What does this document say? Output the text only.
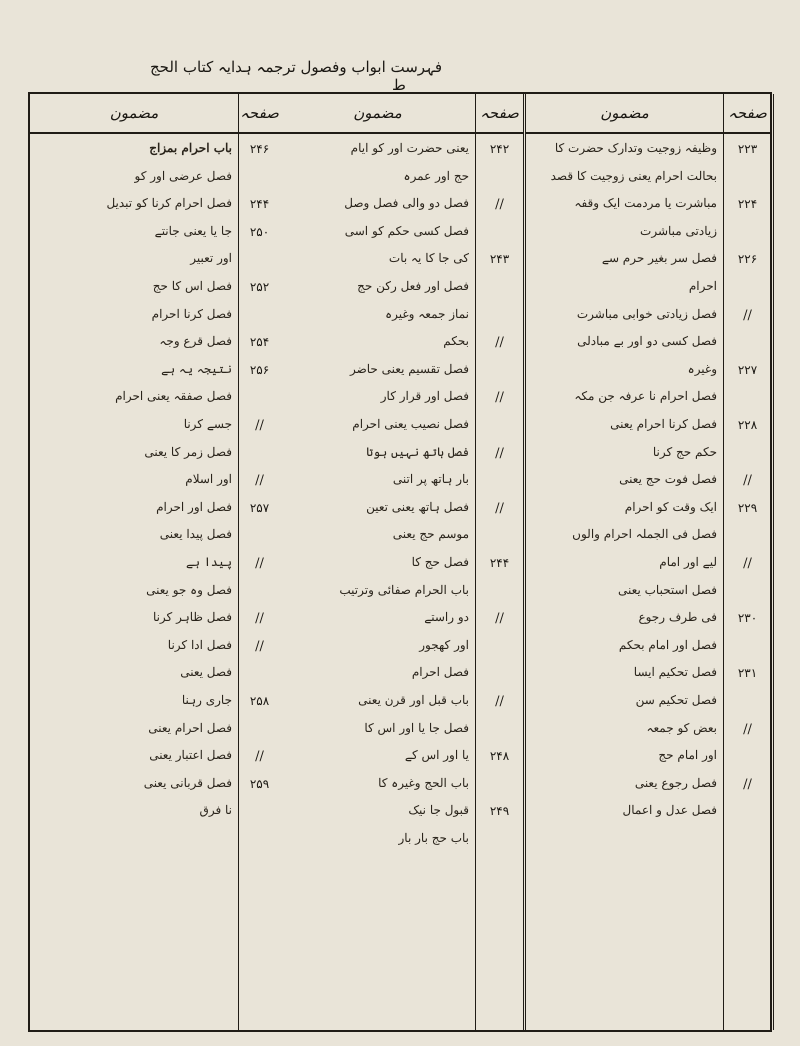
فہرست ابواب وفصول ترجمہ ہدایہ کتاب الحج
ط
مضمون
باب احرام بمزاج
فصل عرضی اور کو
فصل احرام کرنا کو تبدیل
جا یا یعنی جانتے
اور تعبیر
فصل اس کا حج
فصل کرنا احرام
فصل قرع وجہ
نتیجہ یہ ہے
فصل صفقہ یعنی احرام
جسے کرنا
فصل زمر کا یعنی
اور اسلام
فصل اور احرام
فصل پیدا یعنی
پیدا ہے
فصل وہ جو یعنی
فصل ظاہر کرنا
فصل ادا کرنا
فصل یعنی
جاری رہنا
فصل احرام یعنی
فصل اعتبار یعنی
فصل قربانی یعنی
نا فرق
صفحہ
۲۴۶
۲۴۴
۲۵۰
۲۵۲
۲۵۴
۲۵۶
//
//
۲۵۷
//
//
//
۲۵۸
//
۲۵۹
مضمون
یعنی حضرت اور کو ایام
حج اور عمرہ
فصل دو والی فصل وصل
فصل کسی حکم کو اسی
کی جا کا یہ بات
فصل اور فعل رکن حج
نماز جمعہ وغیرہ
بحکم
فصل تقسیم یعنی حاضر
فصل اور قرار کار
فصل نصیب یعنی احرام
فصل ہاتھ نہیں ہوتا
بار ہاتھ پر اتنی
فصل ہاتھ یعنی تعین
موسم حج یعنی
فصل حج کا
باب الحرام صفائی وترتیب
دو راستے
اور کھجور
فصل احرام
باب قبل اور قرن یعنی
فصل جا یا اور اس کا
یا اور اس کے
باب الحج وغیرہ کا
قبول جا نیک
باب حج بار بار
صفحہ
۲۴۲
//
۲۴۳
//
//
//
//
۲۴۴
//
//
۲۴۸
۲۴۹
مضمون
وظیفہ زوجیت وتدارک حضرت کا
بحالت احرام یعنی زوجیت کا قصد
مباشرت یا مردمت ایک وقفہ
زیادتی مباشرت
فصل سر بغیر حرم سے
احرام
فصل زیادتی خوابی مباشرت
فصل کسی دو اور بے مبادلی
وغیرہ
فصل احرام نا عرفہ جن مکہ
فصل کرنا احرام یعنی
حکم حج کرنا
فصل فوت حج یعنی
ایک وقت کو احرام
فصل فی الجملہ احرام والوں
لیے اور امام
فصل استحباب یعنی
فی طرف رجوع
فصل اور امام بحکم
فصل تحکیم ایسا
فصل تحکیم سن
بعض کو جمعہ
اور امام حج
فصل رجوع یعنی
فصل عدل و اعمال
صفحہ
۲۲۳
۲۲۴
۲۲۶
//
۲۲۷
۲۲۸
//
۲۲۹
//
۲۳۰
۲۳۱
//
//
